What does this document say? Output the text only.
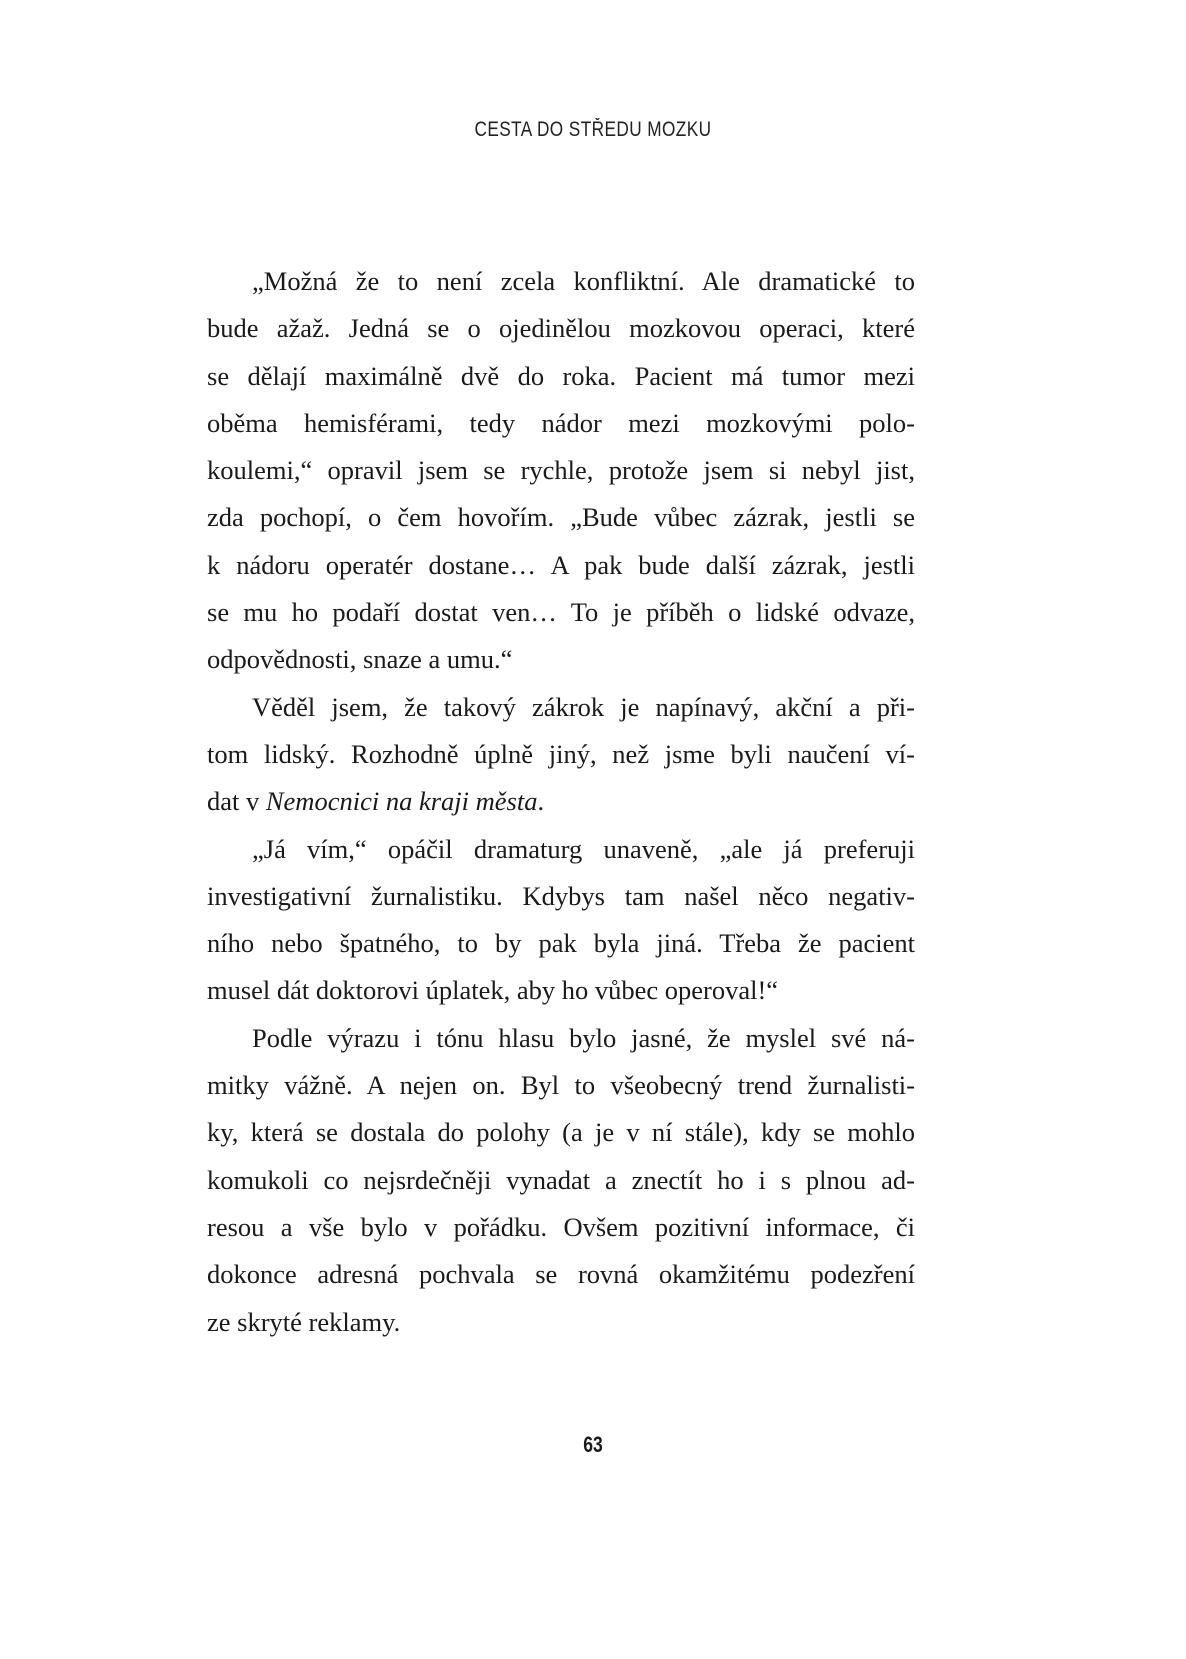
CESTA DO STŘEDU MOZKU
„Možná že to není zcela konfliktní. Ale dramatické to
bude ažaž. Jedná se o ojedinělou mozkovou operaci, které
se dělají maximálně dvě do roka. Pacient má tumor mezi
oběma hemisférami, tedy nádor mezi mozkovými polo-
koulemi,“ opravil jsem se rychle, protože jsem si nebyl jist,
zda pochopí, o čem hovořím. „Bude vůbec zázrak, jestli se
k nádoru operatér dostane… A pak bude další zázrak, jestli
se mu ho podaří dostat ven… To je příběh o lidské odvaze,
odpovědnosti, snaze a umu.“
Věděl jsem, že takový zákrok je napínavý, akční a při-
tom lidský. Rozhodně úplně jiný, než jsme byli naučení ví-
dat v Nemocnici na kraji města.
„Já vím,“ opáčil dramaturg unaveně, „ale já preferuji
investigativní žurnalistiku. Kdybys tam našel něco negativ-
ního nebo špatného, to by pak byla jiná. Třeba že pacient
musel dát doktorovi úplatek, aby ho vůbec operoval!“
Podle výrazu i tónu hlasu bylo jasné, že myslel své ná-
mitky vážně. A nejen on. Byl to všeobecný trend žurnalisti-
ky, která se dostala do polohy (a je v ní stále), kdy se mohlo
komukoli co nejsrdečněji vynadat a znectít ho i s plnou ad-
resou a vše bylo v pořádku. Ovšem pozitivní informace, či
dokonce adresná pochvala se rovná okamžitému podezření
ze skryté reklamy.
63
